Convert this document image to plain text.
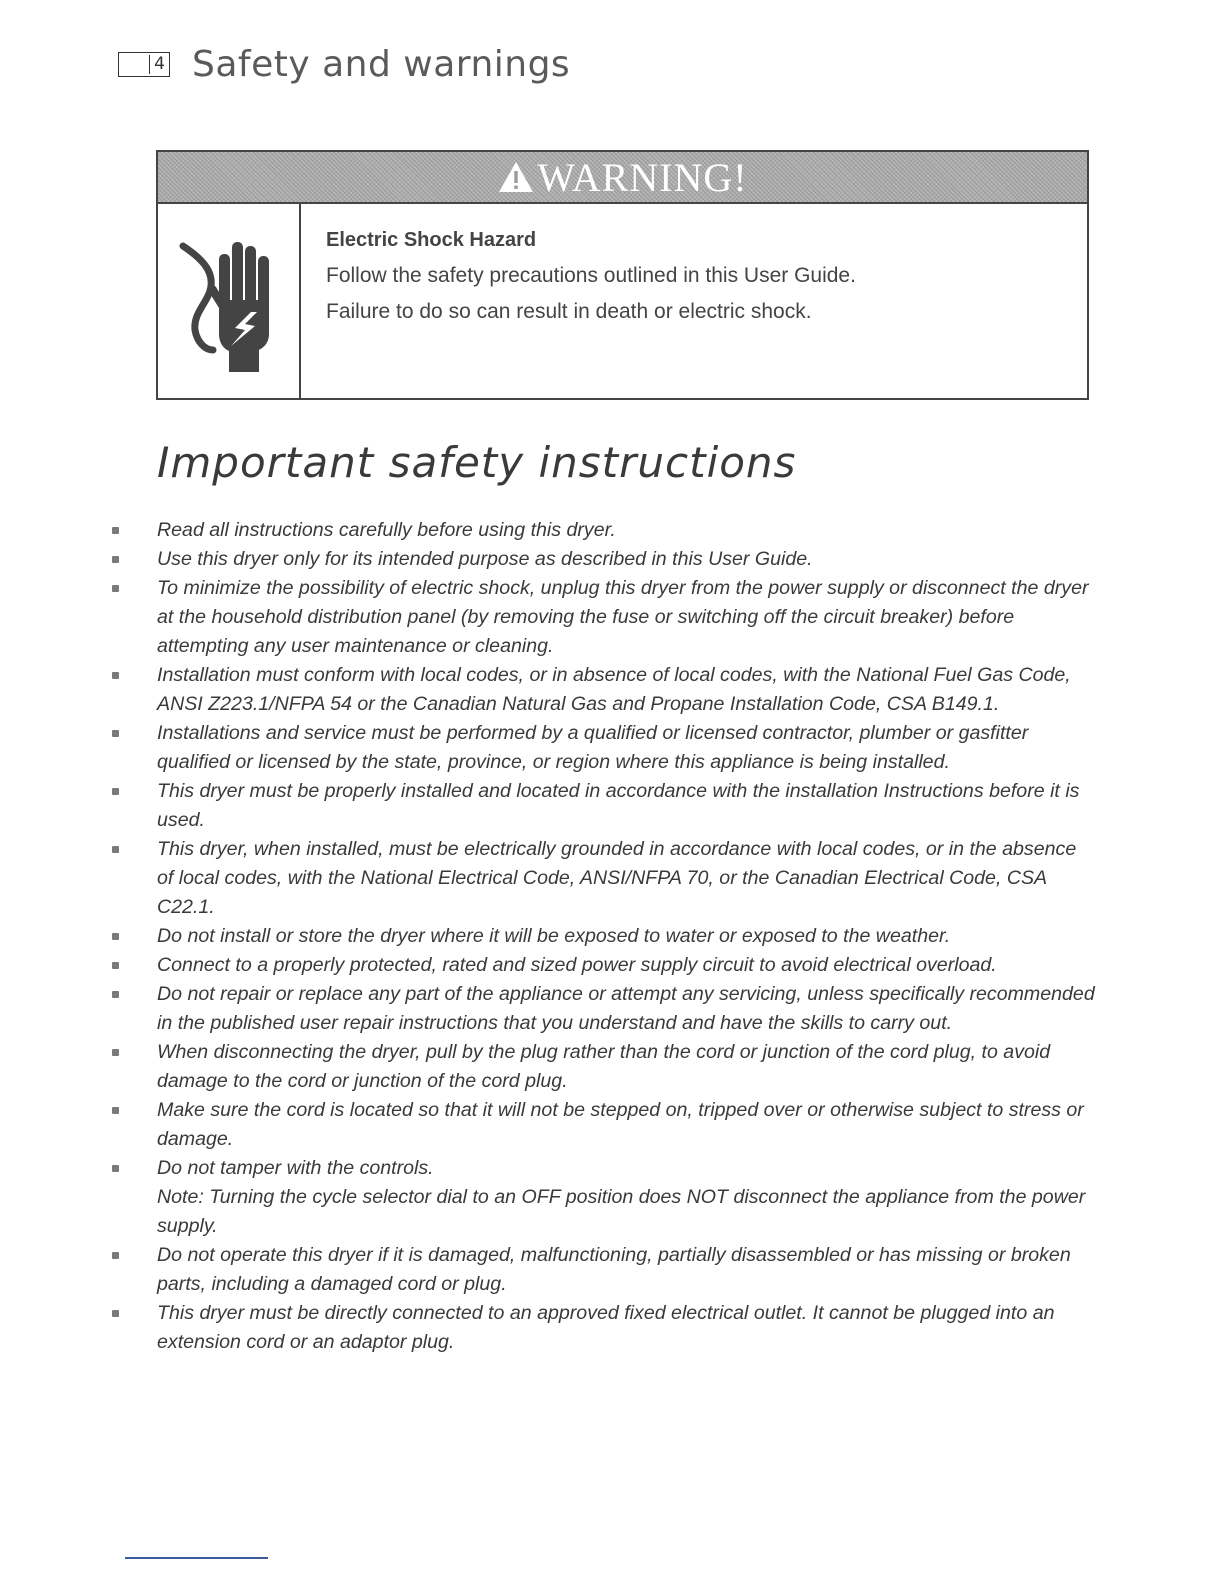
4 Safety and warnings
WARNING!
Electric Shock Hazard
Follow the safety precautions outlined in this User Guide.
Failure to do so can result in death or electric shock.
Important safety instructions
Read all instructions carefully before using this dryer.
Use this dryer only for its intended purpose as described in this User Guide.
To minimize the possibility of electric shock, unplug this dryer from the power supply or disconnect the dryer at the household distribution panel (by removing the fuse or switching off the circuit breaker) before attempting any user maintenance or cleaning.
Installation must conform with local codes, or in absence of local codes, with the National Fuel Gas Code, ANSI Z223.1/NFPA 54 or the Canadian Natural Gas and Propane Installation Code, CSA B149.1.
Installations and service must be performed by a qualified or licensed contractor, plumber or gasfitter qualified or licensed by the state, province, or region where this appliance is being installed.
This dryer must be properly installed and located in accordance with the installation Instructions before it is used.
This dryer, when installed, must be electrically grounded in accordance with local codes, or in the absence of local codes, with the National Electrical Code, ANSI/NFPA 70, or the Canadian Electrical Code, CSA C22.1.
Do not install or store the dryer where it will be exposed to water or exposed to the weather.
Connect to a properly protected, rated and sized power supply circuit to avoid electrical overload.
Do not repair or replace any part of the appliance or attempt any servicing, unless specifically recommended in the published user repair instructions that you understand and have the skills to carry out.
When disconnecting the dryer, pull by the plug rather than the cord or junction of the cord plug, to avoid damage to the cord or junction of the cord plug.
Make sure the cord is located so that it will not be stepped on, tripped over or otherwise subject to stress or damage.
Do not tamper with the controls.
Note: Turning the cycle selector dial to an OFF position does NOT disconnect the appliance from the power supply.
Do not operate this dryer if it is damaged, malfunctioning, partially disassembled or has missing or broken parts, including a damaged cord or plug.
This dryer must be directly connected to an approved fixed electrical outlet. It cannot be plugged into an extension cord or an adaptor plug.
